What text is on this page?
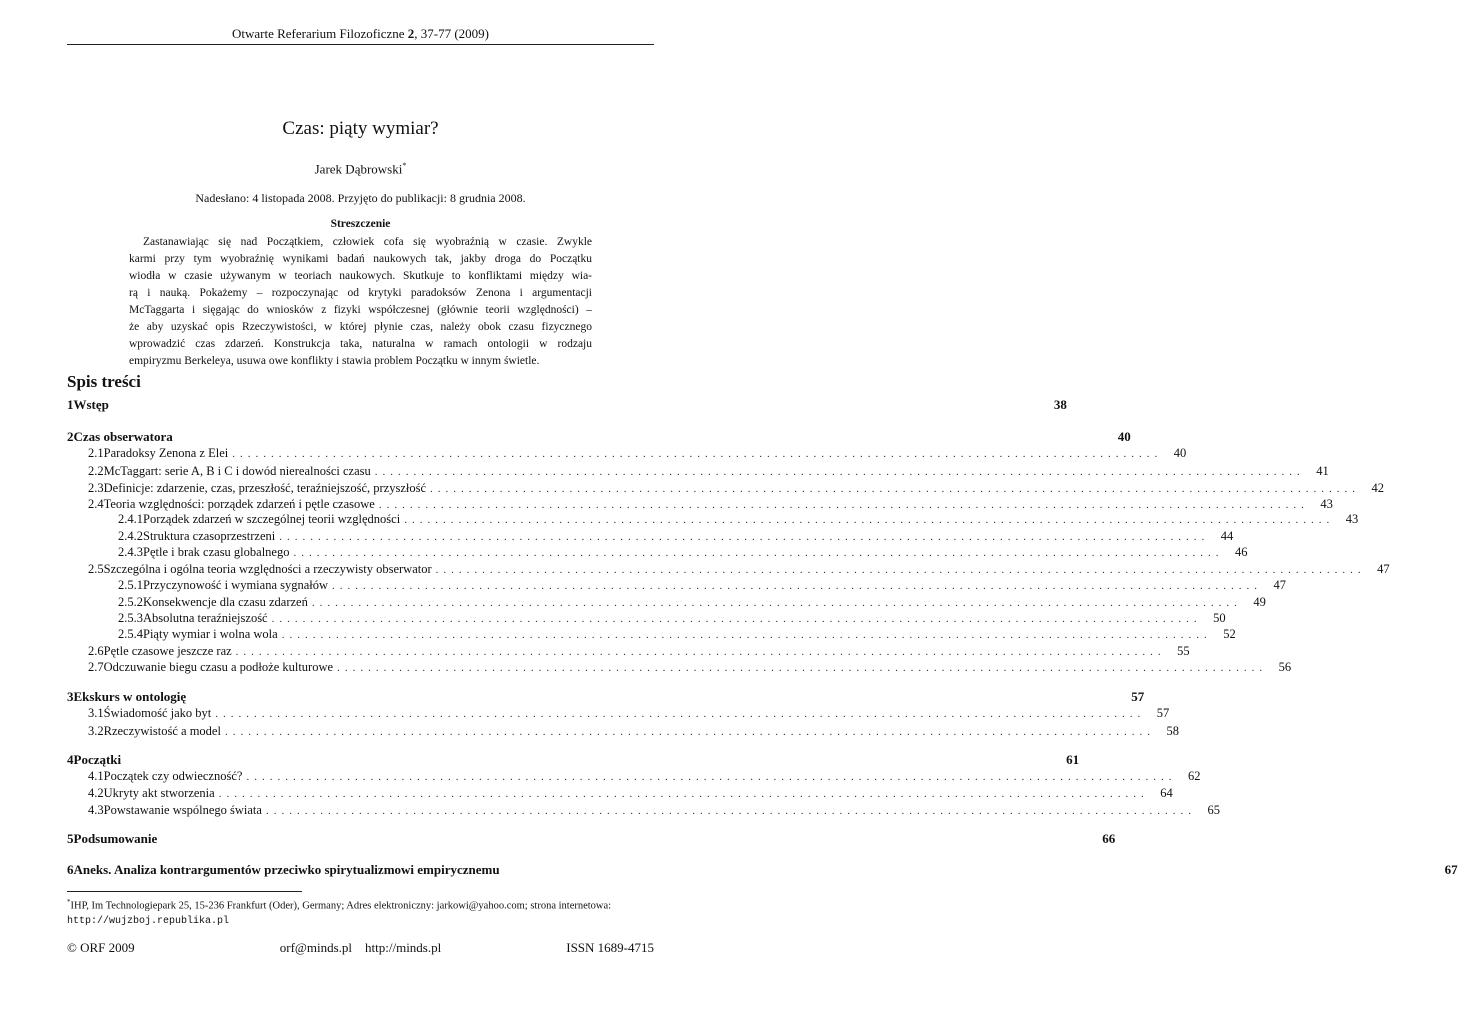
Otwarte Referarium Filozoficzne 2, 37-77 (2009)
Czas: piąty wymiar?
Jarek Dąbrowski*
Nadesłano: 4 listopada 2008. Przyjęto do publikacji: 8 grudnia 2008.
Streszczenie
Zastanawiając się nad Początkiem, człowiek cofa się wyobraźnią w czasie. Zwykle
karmi przy tym wyobraźnię wynikami badań naukowych tak, jakby droga do Początku
wiodła w czasie używanym w teoriach naukowych. Skutkuje to konfliktami między wia-
rą i nauką. Pokażemy – rozpoczynając od krytyki paradoksów Zenona i argumentacji
McTaggarta i sięgając do wniosków z fizyki współczesnej (głównie teorii względności) –
że aby uzyskać opis Rzeczywistości, w której płynie czas, należy obok czasu fizycznego
wprowadzić czas zdarzeń. Konstrukcja taka, naturalna w ramach ontologii w rodzaju
empiryzmu Berkeleya, usuwa owe konflikty i stawia problem Początku w innym świetle.
Spis treści
1 Wstęp	38
2 Czas obserwatora	40
2.1 Paradoksy Zenona z Elei ........................................................................................................................ 40
2.2 McTaggart: serie A, B i C i dowód nierealności czasu ........................................................................................................................ 41
2.3 Definicje: zdarzenie, czas, przeszłość, teraźniejszość, przyszłość ........................................................................................................................ 42
2.4 Teoria względności: porządek zdarzeń i pętle czasowe ........................................................................................................................ 43
2.4.1 Porządek zdarzeń w szczególnej teorii względności ........................................................................................................................ 43
2.4.2 Struktura czasoprzestrzeni ........................................................................................................................ 44
2.4.3 Pętle i brak czasu globalnego ........................................................................................................................ 46
2.5 Szczególna i ogólna teoria względności a rzeczywisty obserwator ........................................................................................................................ 47
2.5.1 Przyczynowość i wymiana sygnałów ........................................................................................................................ 47
2.5.2 Konsekwencje dla czasu zdarzeń ........................................................................................................................ 49
2.5.3 Absolutna teraźniejszość ........................................................................................................................ 50
2.5.4 Piąty wymiar i wolna wola ........................................................................................................................ 52
2.6 Pętle czasowe jeszcze raz ........................................................................................................................ 55
2.7 Odczuwanie biegu czasu a podłoże kulturowe ........................................................................................................................ 56
3 Ekskurs w ontologię	57
3.1 Świadomość jako byt ........................................................................................................................ 57
3.2 Rzeczywistość a model ........................................................................................................................ 58
4 Początki	61
4.1 Początek czy odwieczność? ........................................................................................................................ 62
4.2 Ukryty akt stworzenia ........................................................................................................................ 64
4.3 Powstawanie wspólnego świata ........................................................................................................................ 65
5 Podsumowanie	66
6 Aneks. Analiza kontrargumentów przeciwko spirytualizmowi empirycznemu	67
*IHP, Im Technologiepark 25, 15-236 Frankfurt (Oder), Germany; Adres elektroniczny: jarkowi@yahoo.com; strona internetowa: http://wujzboj.republika.pl
© ORF 2009	orf@minds.pl    http://minds.pl	ISSN 1689-4715
